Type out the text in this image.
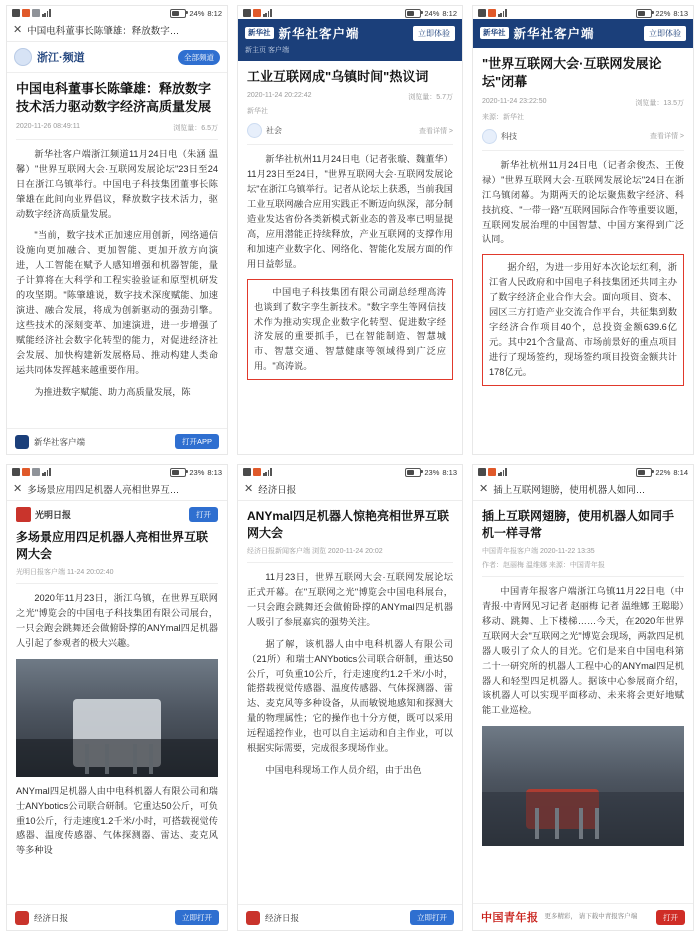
24% 8:12
✕ 中国电科董事长陈肇雄：释放数字…
浙江·频道	全部频道
中国电科董事长陈肇雄：释放数字技术活力驱动数字经济高质量发展
2020-11-26 08:49:11	浏览量：6.5万

新华社客户端浙江频道11月24日电（朱涵 温馨）"世界互联网大会·互联网发展论坛"23日至24日在浙江乌镇举行。中国电子科技集团董事长陈肇雄在此间向业界倡议，释放数字技术活力，驱动数字经济高质量发展。

"当前，数字技术正加速应用创新，网络通信设施向更加融合、更加智能、更加开放方向演进，人工智能在赋予人感知增强和机器智能，量子计算将在大科学和工程实验验证和原型机研发的攻坚期。"陈肇雄说，数字技术深度赋能、加速演进、融合发展，将成为创新驱动的强劲引擎。这些技术的深刻变革、加速演进，进一步增强了赋能经济社会数字化转型的能力，对促进经济社会发展、加快构建新发展格局、推动构建人类命运共同体发挥越来越重要作用。

为推进数字赋能、助力高质量发展，陈

新华社客户端	打开APP
24% 8:12
新华社 新华社客户端	立即体验
新主页 客户端
工业互联网成"乌镇时间"热议词
2020-11-24 20:22:42	浏览量：5.7万
新华社
社会	查看详情 >

新华社杭州11月24日电（记者张璇、魏董华）11月23日至24日，"世界互联网大会·互联网发展论坛"在浙江乌镇举行。记者从论坛上获悉，当前我国工业互联网融合应用实践正不断迈向纵深，部分制造业发达省份各类新模式新业态的普及率已明显提高，应用潜能正持续释放，产业互联网的支撑作用和加速产业数字化、网络化、智能化发展方面的作用日益彰显。

中国电子科技集团有限公司副总经理高涛也谈到了数字孪生新技术。"数字孪生等网信技术作为推动实现企业数字化转型、促进数字经济发展的重要抓手，已在智能制造、智慧城市、智慧交通、智慧健康等领域得到广泛应用。"高涛说。

22% 8:13
新华社 新华社客户端	立即体验
"世界互联网大会·互联网发展论坛"闭幕
2020-11-24 23:22:50	浏览量：13.5万
来源：新华社
科技	查看详情 >

新华社杭州11月24日电（记者余俊杰、王俊禄）"世界互联网大会·互联网发展论坛"24日在浙江乌镇闭幕。为期两天的论坛聚焦数字经济、科技抗疫、"一带一路"互联网国际合作等重要议题，互联网发展治理的中国智慧、中国方案得到广泛认同。

据介绍，为进一步用好本次论坛红利，浙江省人民政府和中国电子科技集团还共同主办了数字经济企业合作大会。面向项目、资本、园区三方打造产业交流合作平台，共征集到数字经济合作项目40个，总投资金额639.6亿元。其中21个含量高、市场前景好的重点项目进行了现场签约，现场签约项目投资金额共计178亿元。

23% 8:13
✕ 多场景应用四足机器人亮相世界互…
光明日报	打开
多场景应用四足机器人亮相世界互联网大会
光明日报客户端 11-24 20:02:40

2020年11月23日，浙江乌镇，在世界互联网之光"博览会的中国电子科技集团有限公司展台，一只会跑会跳舞还会做俯卧撑的ANYmal四足机器人引起了参观者的极大兴趣。

ANYmal四足机器人由中电科机器人有限公司和瑞士ANYbotics公司联合研制。它重达50公斤，可负重10公斤，行走速度1.2千米/小时，可搭载视觉传感器、温度传感器、气体探测器、雷达、麦克风等多种设

经济日报	立即打开
23% 8:13
✕ 经济日报
ANYmal四足机器人惊艳亮相世界互联网大会
经济日报新闻客户端 浏览 2020-11-24 20:02

11月23日，世界互联网大会·互联网发展论坛正式开幕。在"互联网之光"博览会中国电科展台，一只会跑会跳舞还会做俯卧撑的ANYmal四足机器人吸引了参展嘉宾的强势关注。

据了解，该机器人由中电科机器人有限公司（21所）和瑞士ANYbotics公司联合研制，重达50公斤，可负重10公斤，行走速度约1.2千米/小时，能搭载视觉传感器、温度传感器、气体探测器、雷达、麦克风等多种设备，从而敏锐地感知和探测大量的物理属性；它的操作也十分方便，既可以采用远程遥控作业，也可以自主运动和自主作业，可以根据实际需要，完成很多现场作业。

中国电科现场工作人员介绍，由于出色

经济日报	立即打开
22% 8:14
✕ 插上互联网翅膀，使用机器人如同…
插上互联网翅膀，使用机器人如同手机一样寻常
中国青年报客户端 2020-11-22 13:35
作者：赵丽梅 温维娜 来源：中国青年报

中国青年报客户端浙江乌镇11月22日电（中青报·中青网见习记者 赵丽梅 记者 温维娜 王聪聪）移动、跳舞、上下楼梯……今天，在2020年世界互联网大会"互联网之光"博览会现场，两款四足机器人吸引了众人的目光。它们是来自中国电科第二十一研究所的机器人工程中心的ANYmal四足机器人和轻型四足机器人。据该中心参展商介绍，该机器人可以实现平面移动、未来将会更好地赋能工业巡检。

中国青年报 更多精彩， 请下载中青报客户端	打开
